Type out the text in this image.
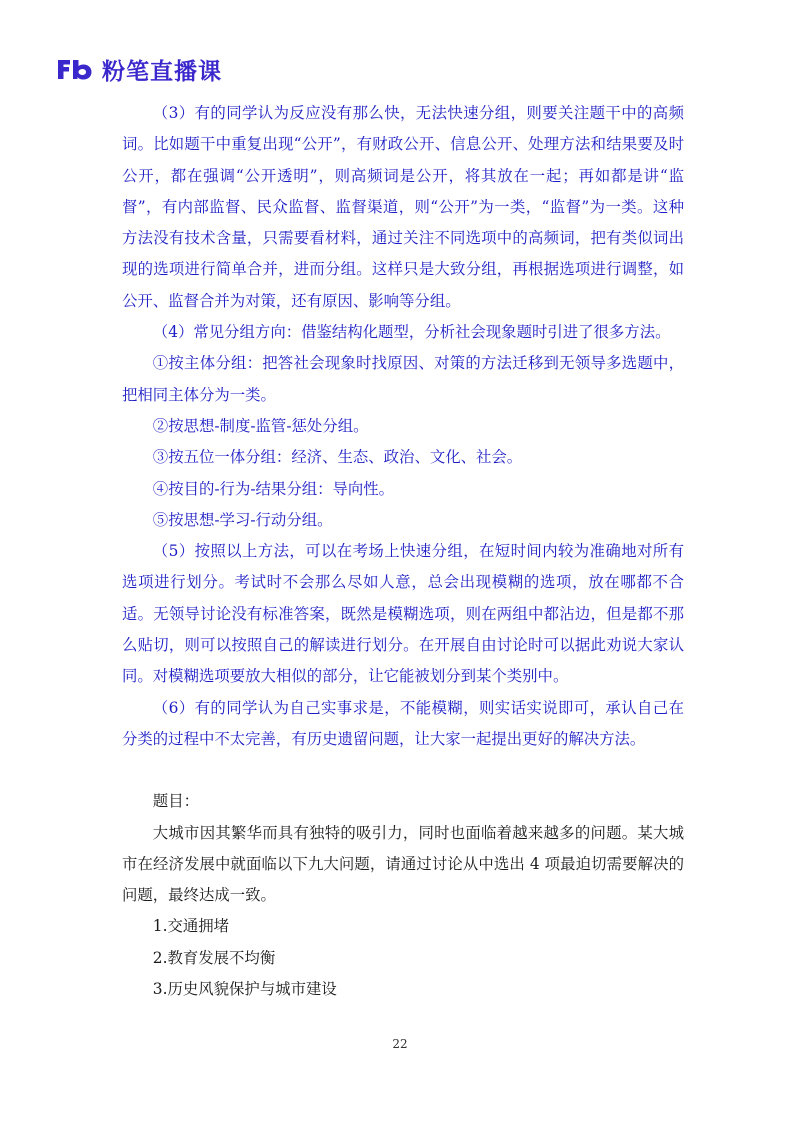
粉笔直播课

（3）有的同学认为反应没有那么快，无法快速分组，则要关注题干中的高频词。比如题干中重复出现“公开”，有财政公开、信息公开、处理方法和结果要及时公开，都在强调“公开透明”，则高频词是公开，将其放在一起；再如都是讲“监督”，有内部监督、民众监督、监督渠道，则“公开”为一类，“监督”为一类。这种方法没有技术含量，只需要看材料，通过关注不同选项中的高频词，把有类似词出现的选项进行简单合并，进而分组。这样只是大致分组，再根据选项进行调整，如公开、监督合并为对策，还有原因、影响等分组。

（4）常见分组方向：借鉴结构化题型，分析社会现象题时引进了很多方法。

①按主体分组：把答社会现象时找原因、对策的方法迁移到无领导多选题中，把相同主体分为一类。

②按思想-制度-监管-惩处分组。

③按五位一体分组：经济、生态、政治、文化、社会。

④按目的-行为-结果分组：导向性。

⑤按思想-学习-行动分组。

（5）按照以上方法，可以在考场上快速分组，在短时间内较为准确地对所有选项进行划分。考试时不会那么尽如人意，总会出现模糊的选项，放在哪都不合适。无领导讨论没有标准答案，既然是模糊选项，则在两组中都沾边，但是都不那么贴切，则可以按照自己的解读进行划分。在开展自由讨论时可以据此劝说大家认同。对模糊选项要放大相似的部分，让它能被划分到某个类别中。

（6）有的同学认为自己实事求是，不能模糊，则实话实说即可，承认自己在分类的过程中不太完善，有历史遗留问题，让大家一起提出更好的解决方法。

题目：

大城市因其繁华而具有独特的吸引力，同时也面临着越来越多的问题。某大城市在经济发展中就面临以下九大问题，请通过讨论从中选出 4 项最迫切需要解决的问题，最终达成一致。

1.交通拥堵

2.教育发展不均衡

3.历史风貌保护与城市建设

22
